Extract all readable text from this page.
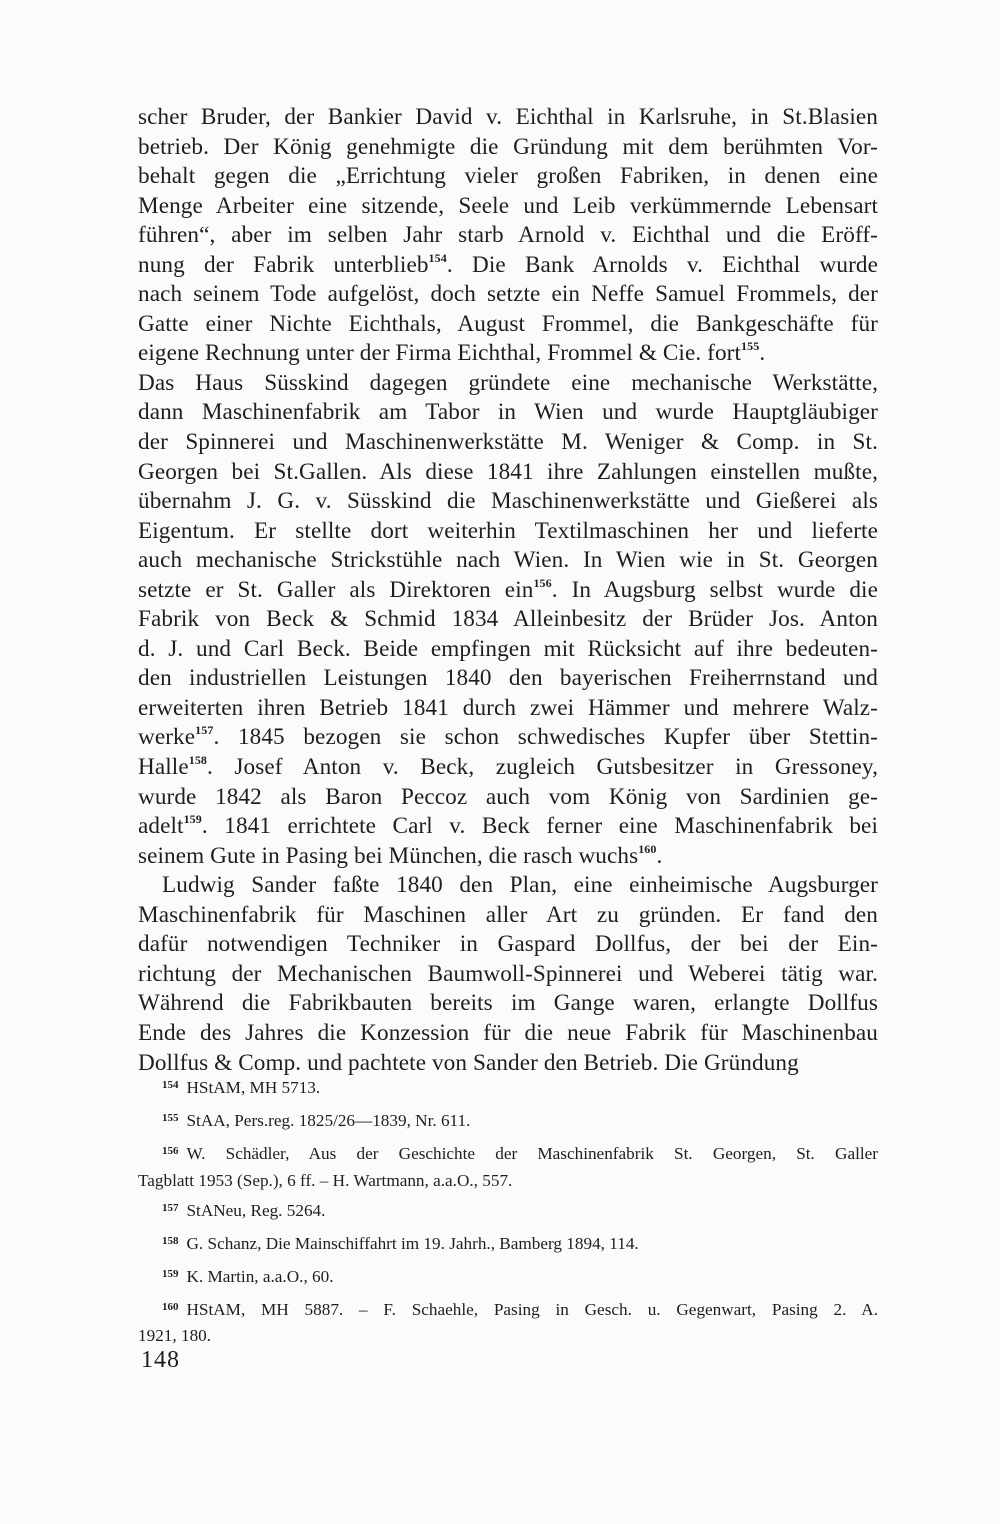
scher Bruder, der Bankier David v. Eichthal in Karlsruhe, in St.Blasien
betrieb. Der König genehmigte die Gründung mit dem berühmten Vor-
behalt gegen die „Errichtung vieler großen Fabriken, in denen eine
Menge Arbeiter eine sitzende, Seele und Leib verkümmernde Lebensart
führen“, aber im selben Jahr starb Arnold v. Eichthal und die Eröff-
nung der Fabrik unterblieb$^{154}$. Die Bank Arnolds v. Eichthal wurde
nach seinem Tode aufgelöst, doch setzte ein Neffe Samuel Frommels, der
Gatte einer Nichte Eichthals, August Frommel, die Bankgeschäfte für
eigene Rechnung unter der Firma Eichthal, Frommel & Cie. fort$^{155}$.
Das Haus Süsskind dagegen gründete eine mechanische Werkstätte,
dann Maschinenfabrik am Tabor in Wien und wurde Hauptgläubiger
der Spinnerei und Maschinenwerkstätte M. Weniger & Comp. in St.
Georgen bei St.Gallen. Als diese 1841 ihre Zahlungen einstellen mußte,
übernahm J. G. v. Süsskind die Maschinenwerkstätte und Gießerei als
Eigentum. Er stellte dort weiterhin Textilmaschinen her und lieferte
auch mechanische Strickstühle nach Wien. In Wien wie in St. Georgen
setzte er St. Galler als Direktoren ein$^{156}$. In Augsburg selbst wurde die
Fabrik von Beck & Schmid 1834 Alleinbesitz der Brüder Jos. Anton
d. J. und Carl Beck. Beide empfingen mit Rücksicht auf ihre bedeuten-
den industriellen Leistungen 1840 den bayerischen Freiherrnstand und
erweiterten ihren Betrieb 1841 durch zwei Hämmer und mehrere Walz-
werke$^{157}$. 1845 bezogen sie schon schwedisches Kupfer über Stettin-
Halle$^{158}$. Josef Anton v. Beck, zugleich Gutsbesitzer in Gressoney,
wurde 1842 als Baron Peccoz auch vom König von Sardinien ge-
adelt$^{159}$. 1841 errichtete Carl v. Beck ferner eine Maschinenfabrik bei
seinem Gute in Pasing bei München, die rasch wuchs$^{160}$.
Ludwig Sander faßte 1840 den Plan, eine einheimische Augsburger
Maschinenfabrik für Maschinen aller Art zu gründen. Er fand den
dafür notwendigen Techniker in Gaspard Dollfus, der bei der Ein-
richtung der Mechanischen Baumwoll-Spinnerei und Weberei tätig war.
Während die Fabrikbauten bereits im Gange waren, erlangte Dollfus
Ende des Jahres die Konzession für die neue Fabrik für Maschinenbau
Dollfus & Comp. und pachtete von Sander den Betrieb. Die Gründung
$^{154}$ HStAM, MH 5713.
$^{155}$ StAA, Pers.reg. 1825/26—1839, Nr. 611.
$^{156}$ W. Schädler, Aus der Geschichte der Maschinenfabrik St. Georgen, St. Galler
Tagblatt 1953 (Sep.), 6 ff. – H. Wartmann, a.a.O., 557.
$^{157}$ StANeu, Reg. 5264.
$^{158}$ G. Schanz, Die Mainschiffahrt im 19. Jahrh., Bamberg 1894, 114.
$^{159}$ K. Martin, a.a.O., 60.
$^{160}$ HStAM, MH 5887. – F. Schaehle, Pasing in Gesch. u. Gegenwart, Pasing 2. A.
1921, 180.
148
